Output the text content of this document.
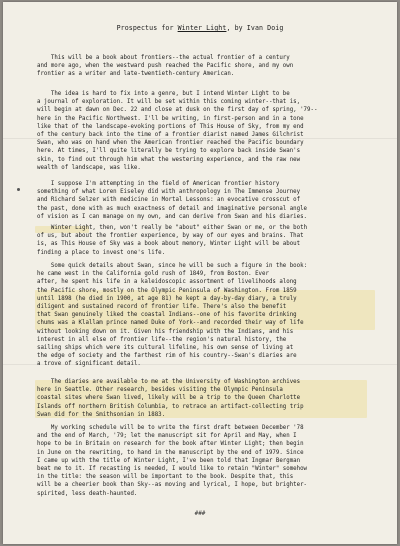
Prospectus for Winter Light, by Ivan Doig

This will be a book about frontiers--the actual frontier of a century
and more ago, when the westward push reached the Pacific shore, and my own
frontier as a writer and late-twentieth-century American.

The idea is hard to fix into a genre, but I intend Winter Light to be
a journal of exploration. It will be set within this coming winter--that is,
will begin at dawn on Dec. 22 and close at dusk on the first day of spring, '79--
here in the Pacific Northwest. I'll be writing, in first-person and in a tone
like that of the landscape-evoking portions of This House of Sky, from my end
of the century back into the time of a frontier diarist named James Gilchrist
Swan, who was on hand when the American frontier reached the Pacific boundary
here. At times, I'll quite literally be trying to explore back inside Swan's
skin, to find out through him what the westering experience, and the raw new
wealth of landscape, was like.

I suppose I'm attempting in the field of American frontier history
something of what Loren Eiseley did with anthropology in The Immense Journey
and Richard Selzer with medicine in Mortal Lessons: an evocative crosscut of
the past, done with as much exactness of detail and imaginative personal angle
of vision as I can manage on my own, and can derive from Swan and his diaries.

Winter Light, then, won't really be "about" either Swan or me, or the both
of us, but about the frontier experience, by way of our eyes and brains. That
is, as This House of Sky was a book about memory, Winter Light will be about
finding a place to invest one's life.

Some quick details about Swan, since he will be such a figure in the book:
he came west in the California gold rush of 1849, from Boston. Ever
after, he spent his life in a kaleidoscopic assortment of livelihoods along
the Pacific shore, mostly on the Olympic Peninsula of Washington. From 1859
until 1898 (he died in 1900, at age 81) he kept a day-by-day diary, a truly
diligent and sustained record of frontier life. There's also the benefit
that Swan genuinely liked the coastal Indians--one of his favorite drinking
chums was a Klallam prince named Duke of York--and recorded their way of life
without looking down on it. Given his friendship with the Indians, and his
interest in all else of frontier life--the region's natural history, the
sailing ships which were its cultural lifeline, his own sense of living at
the edge of society and the farthest rim of his country--Swan's diaries are
a trove of significant detail.

The diaries are available to me at the University of Washington archives
here in Seattle. Other research, besides visiting the Olympic Peninsula
coastal sites where Swan lived, likely will be a trip to the Queen Charlotte
Islands off northern British Columbia, to retrace an artifact-collecting trip
Swan did for the Smithsonian in 1883.

My working schedule will be to write the first draft between December '78
and the end of March, '79; let the manuscript sit for April and May, when I
hope to be in Britain on research for the book after Winter Light; then begin
in June on the rewriting, to hand in the manuscript by the end of 1979. Since
I came up with the title of Winter Light, I've been told that Ingmar Bergman
beat me to it. If recasting is needed, I would like to retain "Winter" somehow
in the title: the season will be important to the book. Despite that, this
will be a cheerier book than Sky--as moving and lyrical, I hope, but brighter-
spirited, less death-haunted.

###
